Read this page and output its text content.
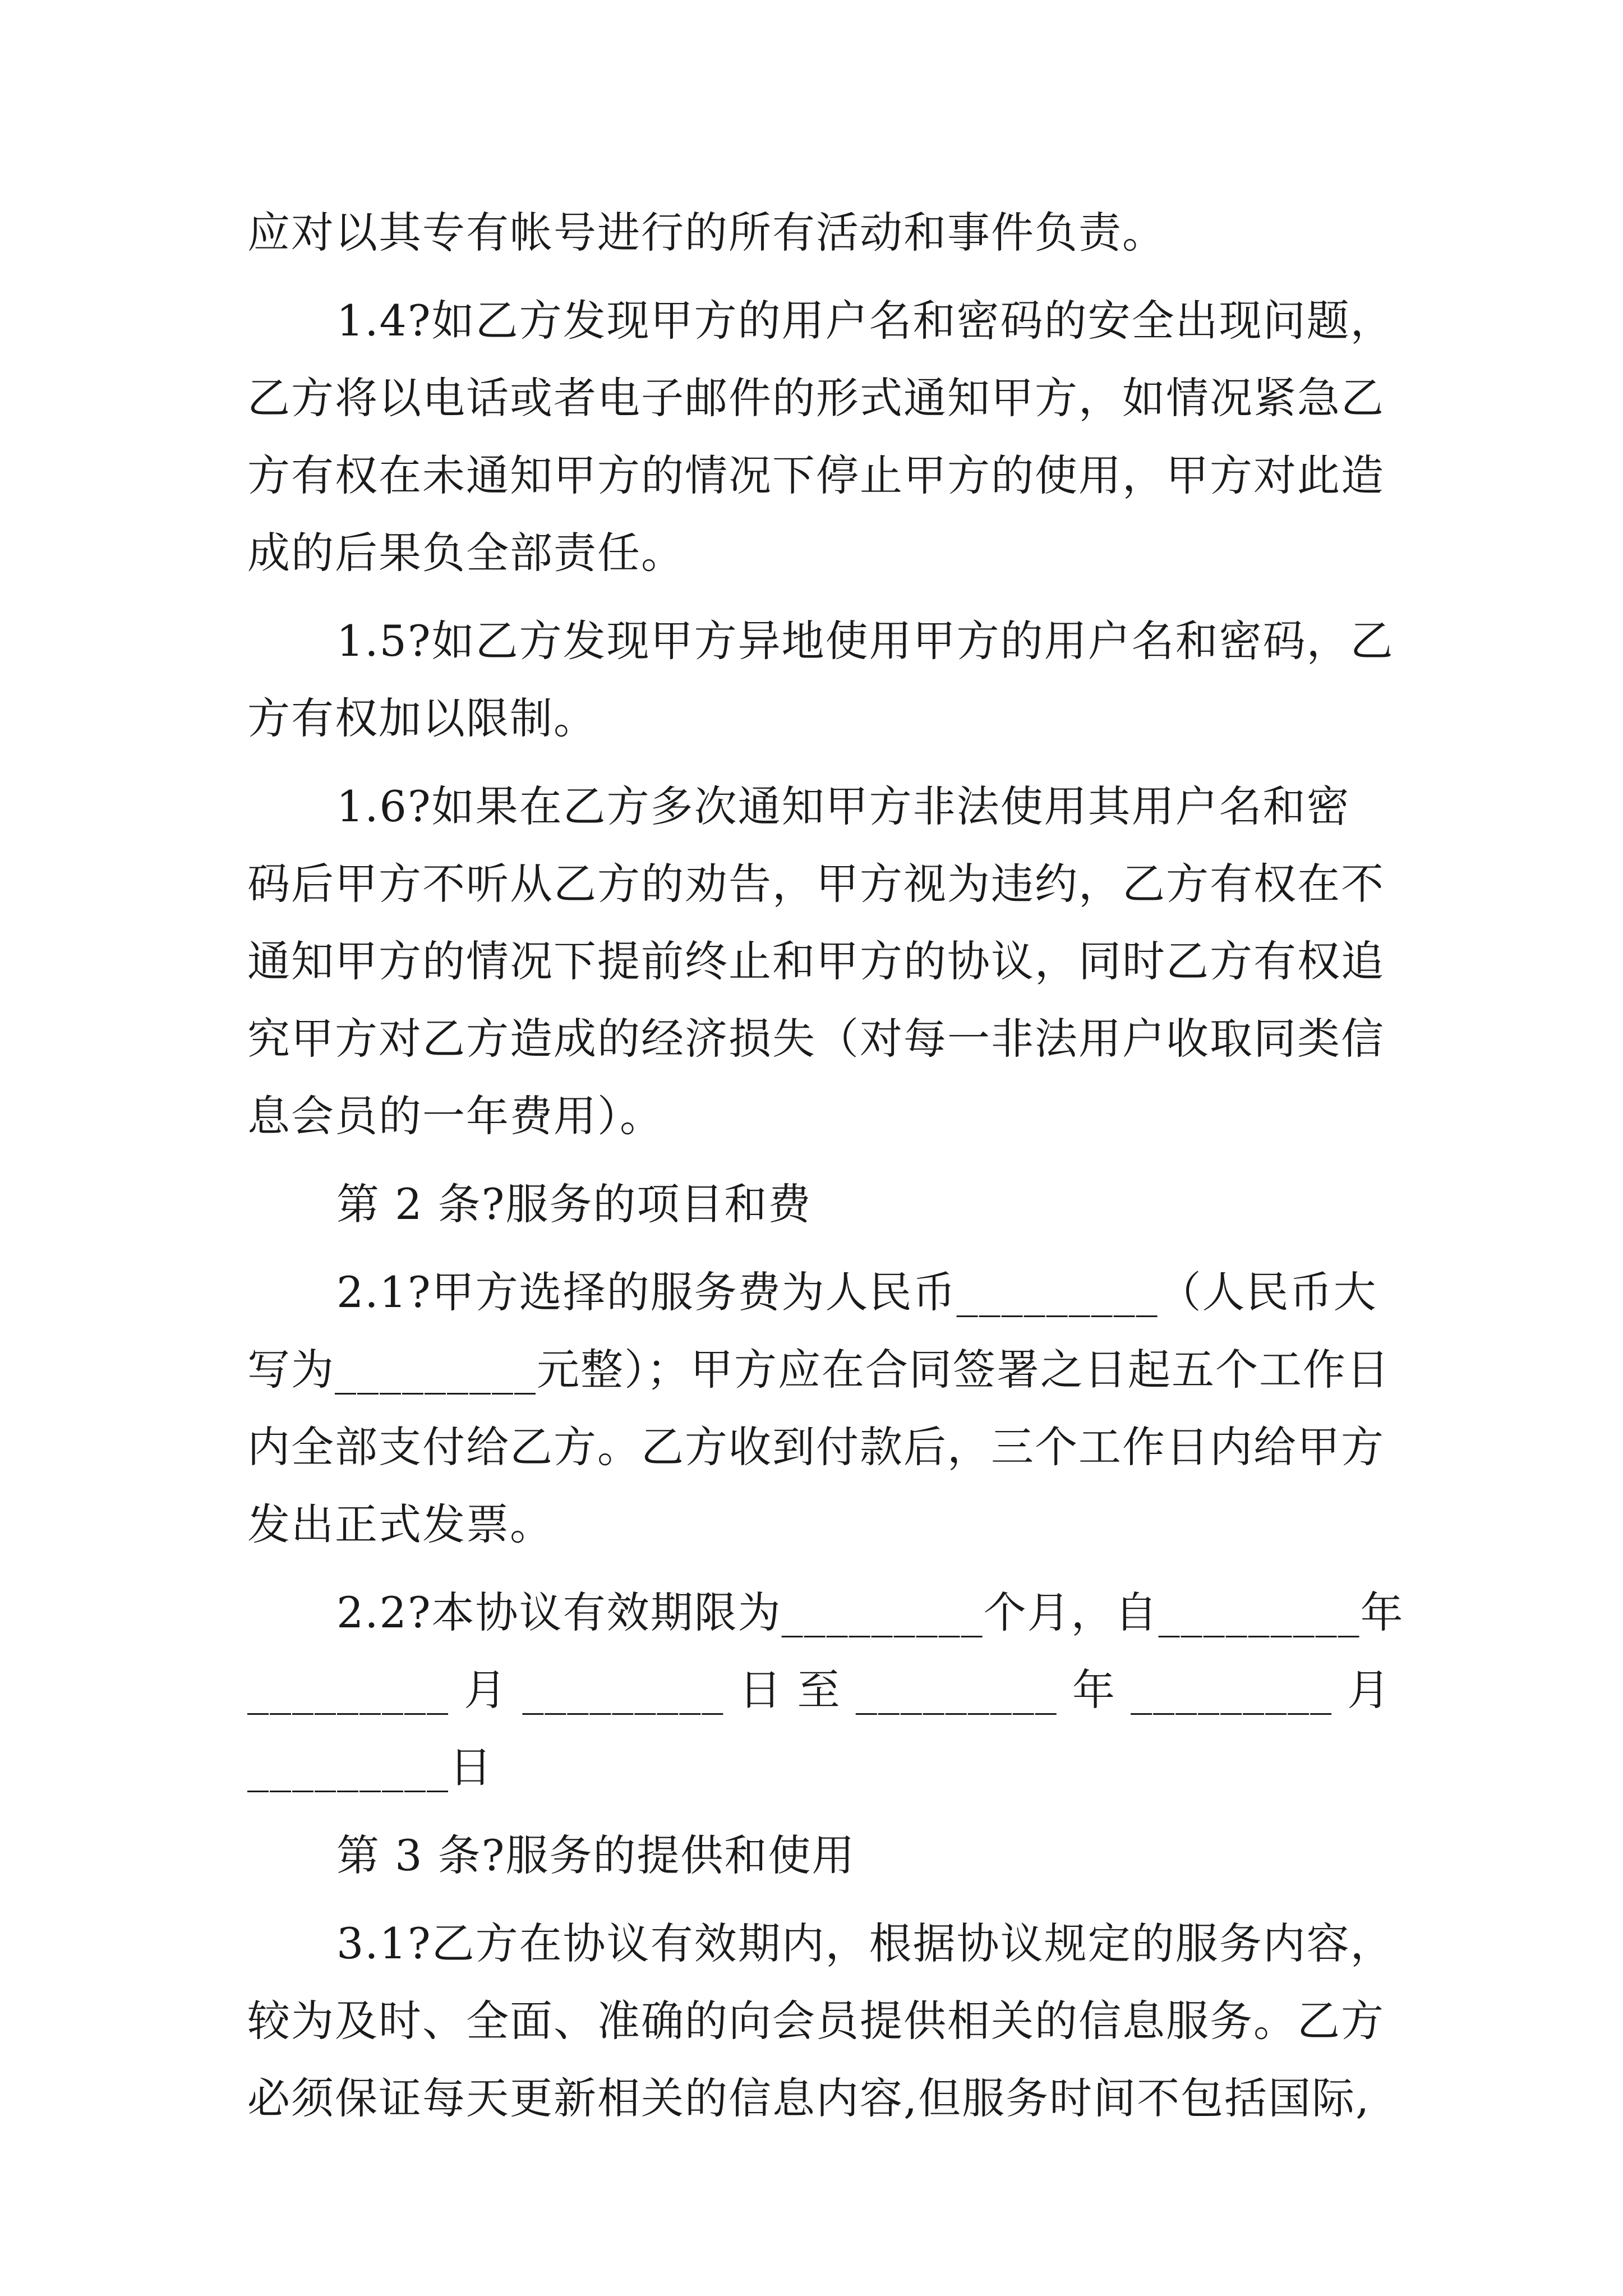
应对以其专有帐号进行的所有活动和事件负责。
1.4?如乙方发现甲方的用户名和密码的安全出现问题，
乙方将以电话或者电子邮件的形式通知甲方，如情况紧急乙
方有权在未通知甲方的情况下停止甲方的使用，甲方对此造
成的后果负全部责任。
1.5?如乙方发现甲方异地使用甲方的用户名和密码，乙
方有权加以限制。
1.6?如果在乙方多次通知甲方非法使用其用户名和密
码后甲方不听从乙方的劝告，甲方视为违约，乙方有权在不
通知甲方的情况下提前终止和甲方的协议，同时乙方有权追
究甲方对乙方造成的经济损失（对每一非法用户收取同类信
息会员的一年费用）。
第 2 条?服务的项目和费
2.1?甲方选择的服务费为人民币_________（人民币大
写为_________元整）；甲方应在合同签署之日起五个工作日
内全部支付给乙方。乙方收到付款后，三个工作日内给甲方
发出正式发票。
2.2?本协议有效期限为_________个月，自_________年
_________ 月 _________ 日 至 _________ 年 _________ 月
_________日
第 3 条?服务的提供和使用
3.1?乙方在协议有效期内，根据协议规定的服务内容，
较为及时、全面、准确的向会员提供相关的信息服务。乙方
必须保证每天更新相关的信息内容,但服务时间不包括国际,
